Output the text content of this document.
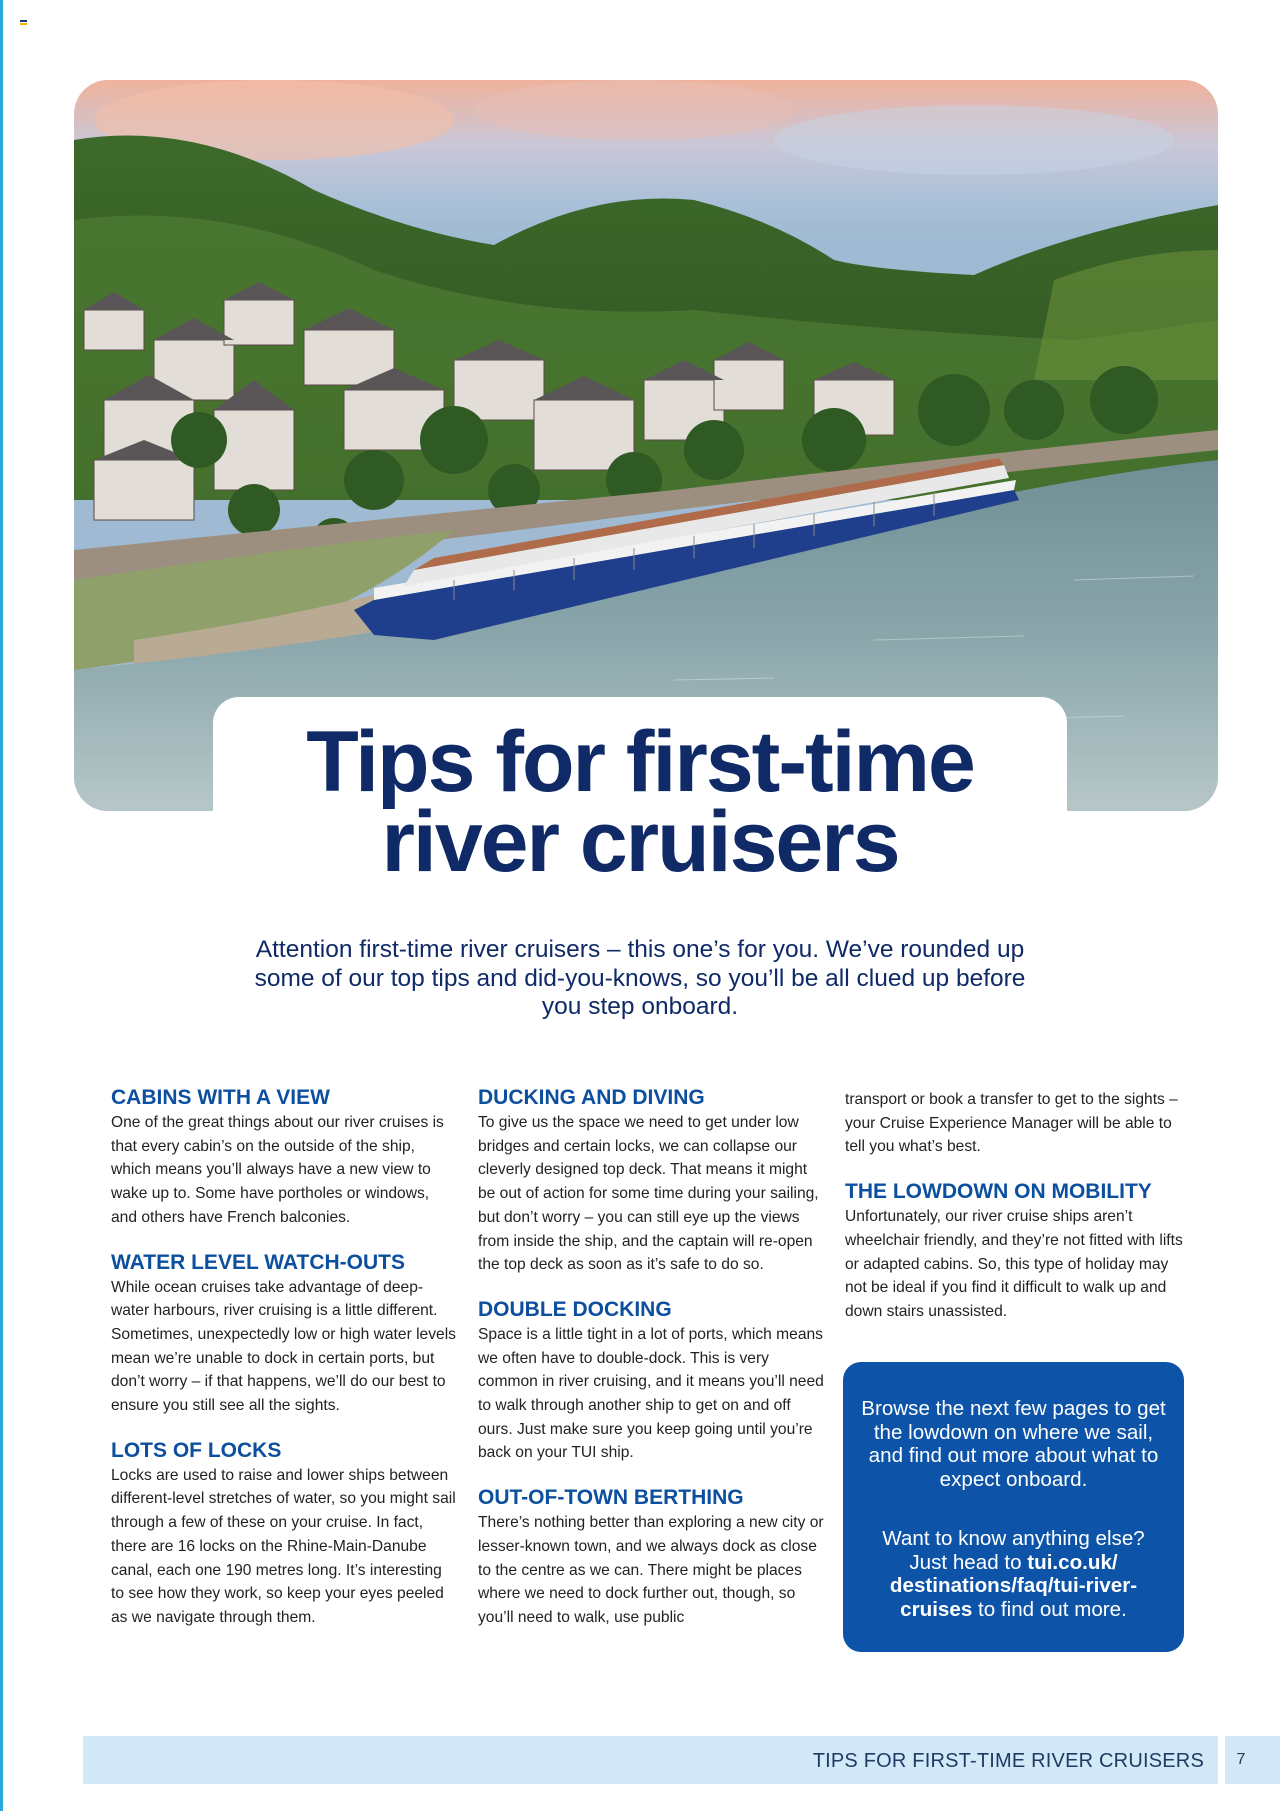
Tips for first-time
river cruisers

Attention first-time river cruisers – this one’s for you. We’ve rounded up some of our top tips and did-you-knows, so you’ll be all clued up before you step onboard.

CABINS WITH A VIEW

One of the great things about our river cruises is that every cabin’s on the outside of the ship, which means you’ll always have a new view to wake up to. Some have portholes or windows, and others have French balconies.

WATER LEVEL WATCH-OUTS

While ocean cruises take advantage of deep-water harbours, river cruising is a little different. Sometimes, unexpectedly low or high water levels mean we’re unable to dock in certain ports, but don’t worry – if that happens, we’ll do our best to ensure you still see all the sights.

LOTS OF LOCKS

Locks are used to raise and lower ships between different-level stretches of water, so you might sail through a few of these on your cruise. In fact, there are 16 locks on the Rhine-Main-Danube canal, each one 190 metres long. It’s interesting to see how they work, so keep your eyes peeled as we navigate through them.

DUCKING AND DIVING

To give us the space we need to get under low bridges and certain locks, we can collapse our cleverly designed top deck. That means it might be out of action for some time during your sailing, but don’t worry – you can still eye up the views from inside the ship, and the captain will re-open the top deck as soon as it’s safe to do so.

DOUBLE DOCKING

Space is a little tight in a lot of ports, which means we often have to double-dock. This is very common in river cruising, and it means you’ll need to walk through another ship to get on and off ours. Just make sure you keep going until you’re back on your TUI ship.

OUT-OF-TOWN BERTHING

There’s nothing better than exploring a new city or lesser-known town, and we always dock as close to the centre as we can. There might be places where we need to dock further out, though, so you’ll need to walk, use public

transport or book a transfer to get to the sights – your Cruise Experience Manager will be able to tell you what’s best.

THE LOWDOWN ON MOBILITY

Unfortunately, our river cruise ships aren’t wheelchair friendly, and they’re not fitted with lifts or adapted cabins. So, this type of holiday may not be ideal if you find it difficult to walk up and down stairs unassisted.

Browse the next few pages to get the lowdown on where we sail, and find out more about what to expect onboard.

Want to know anything else? Just head to tui.co.uk/ destinations/faq/tui-river-cruises to find out more.

TIPS FOR FIRST-TIME RIVER CRUISERS	7
